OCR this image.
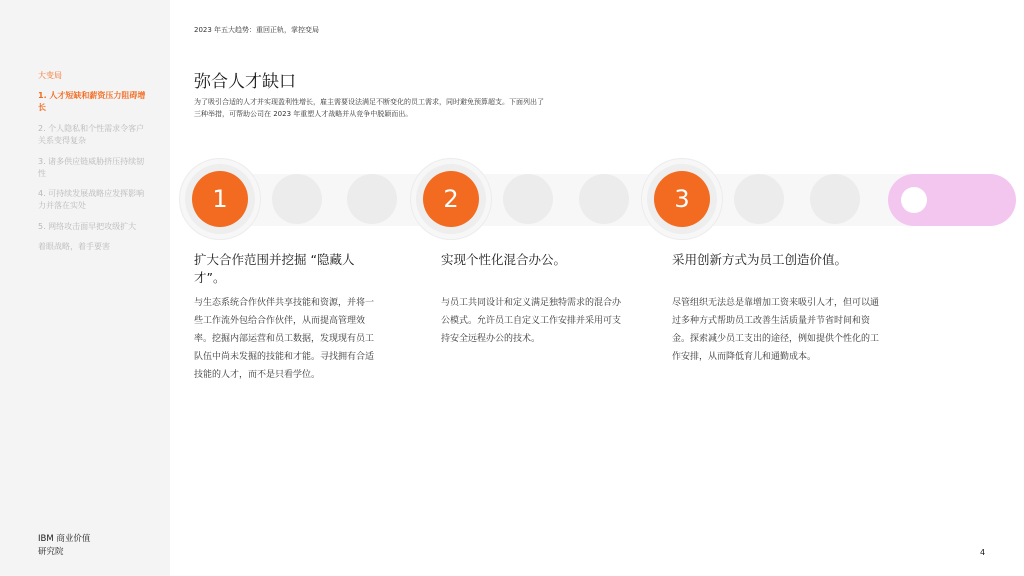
大变局
1. 人才短缺和薪资压力阻碍增长
2. 个人隐私和个性需求令客户关系变得复杂
3. 诸多供应链威胁挤压持续韧性
4. 可持续发展战略应发挥影响力并落在实处
5. 网络攻击面早把攻级扩大
着眼战略，着手要害
IBM 商业价值
研究院
2023 年五大趋势：重回正轨，掌控变局
弥合人才缺口

为了吸引合适的人才并实现盈利性增长，雇主需要设法满足不断变化的员工需求，同时避免预算超支。下面列出了三种举措，可帮助公司在 2023 年重塑人才战略并从竞争中脱颖而出。

1	2	3
扩大合作范围并挖掘 “隐藏人才”。
与生态系统合作伙伴共享技能和资源，并将一些工作流外包给合作伙伴，从而提高管理效率。挖掘内部运营和员工数据，发现现有员工队伍中尚未发掘的技能和才能。寻找拥有合适技能的人才，而不是只看学位。
实现个性化混合办公。
与员工共同设计和定义满足独特需求的混合办公模式。允许员工自定义工作安排并采用可支持安全远程办公的技术。
采用创新方式为员工创造价值。
尽管组织无法总是靠增加工资来吸引人才，但可以通过多种方式帮助员工改善生活质量并节省时间和资金。探索减少员工支出的途径，例如提供个性化的工作安排，从而降低育儿和通勤成本。
4
